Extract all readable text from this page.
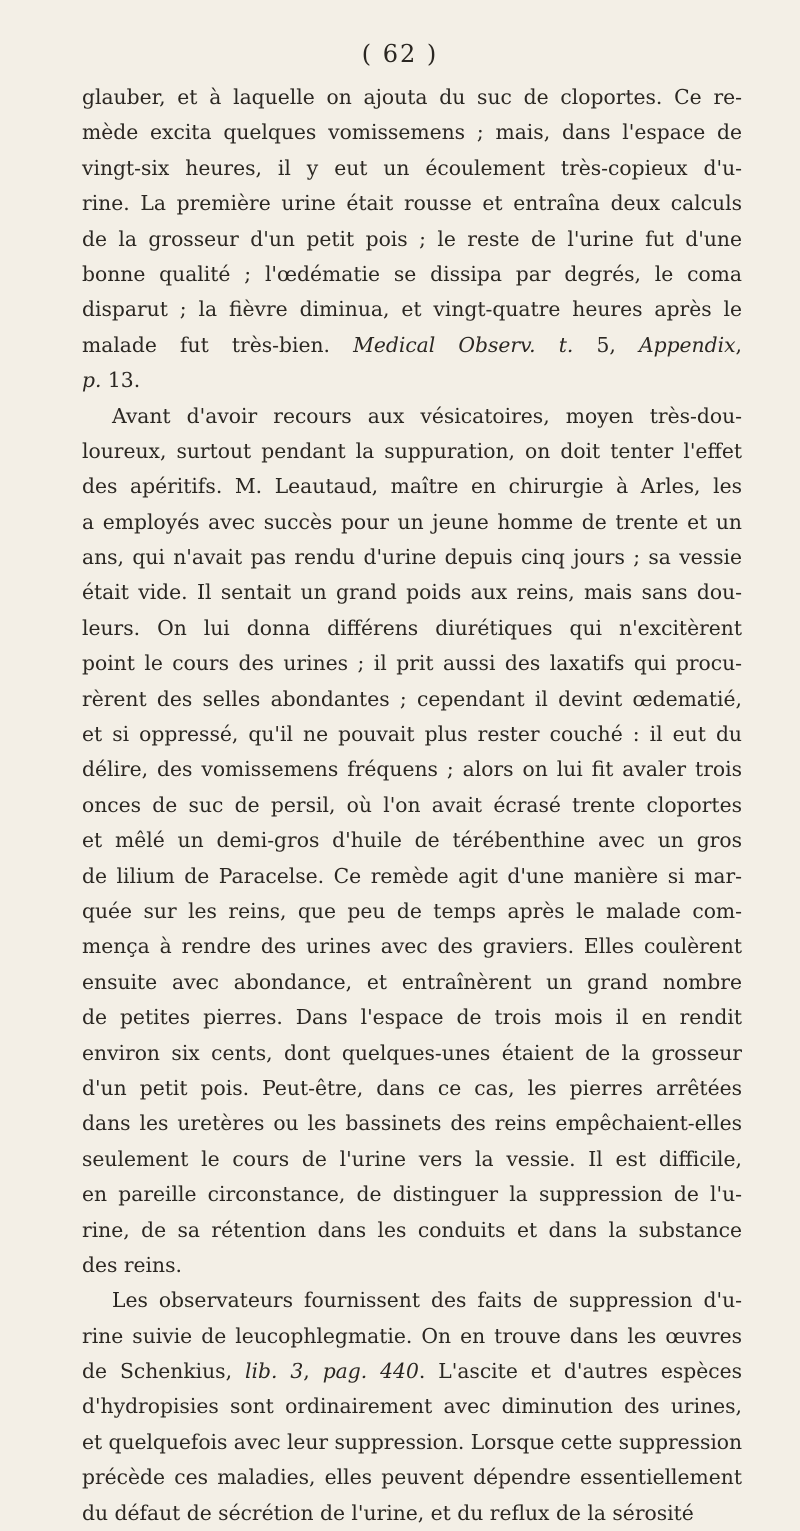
( 62 )
glauber, et à laquelle on ajouta du suc de cloportes. Ce re-
mède excita quelques vomissemens ; mais, dans l'espace de
vingt-six heures, il y eut un écoulement très-copieux d'u-
rine. La première urine était rousse et entraîna deux calculs
de la grosseur d'un petit pois ; le reste de l'urine fut d'une
bonne qualité ; l'œdématie se dissipa par degrés, le coma
disparut ; la fièvre diminua, et vingt-quatre heures après le
malade fut très-bien. Medical Observ. t. 5, Appendix,
p. 13.
Avant d'avoir recours aux vésicatoires, moyen très-dou-
loureux, surtout pendant la suppuration, on doit tenter l'effet
des apéritifs. M. Leautaud, maître en chirurgie à Arles, les
a employés avec succès pour un jeune homme de trente et un
ans, qui n'avait pas rendu d'urine depuis cinq jours ; sa vessie
était vide. Il sentait un grand poids aux reins, mais sans dou-
leurs. On lui donna différens diurétiques qui n'excitèrent
point le cours des urines ; il prit aussi des laxatifs qui procu-
rèrent des selles abondantes ; cependant il devint œdematié,
et si oppressé, qu'il ne pouvait plus rester couché : il eut du
délire, des vomissemens fréquens ; alors on lui fit avaler trois
onces de suc de persil, où l'on avait écrasé trente cloportes
et mêlé un demi-gros d'huile de térébenthine avec un gros
de lilium de Paracelse. Ce remède agit d'une manière si mar-
quée sur les reins, que peu de temps après le malade com-
mença à rendre des urines avec des graviers. Elles coulèrent
ensuite avec abondance, et entraînèrent un grand nombre
de petites pierres. Dans l'espace de trois mois il en rendit
environ six cents, dont quelques-unes étaient de la grosseur
d'un petit pois. Peut-être, dans ce cas, les pierres arrêtées
dans les uretères ou les bassinets des reins empêchaient-elles
seulement le cours de l'urine vers la vessie. Il est difficile,
en pareille circonstance, de distinguer la suppression de l'u-
rine, de sa rétention dans les conduits et dans la substance
des reins.
Les observateurs fournissent des faits de suppression d'u-
rine suivie de leucophlegmatie. On en trouve dans les œuvres
de Schenkius, lib. 3, pag. 440. L'ascite et d'autres espèces
d'hydropisies sont ordinairement avec diminution des urines,
et quelquefois avec leur suppression. Lorsque cette suppression
précède ces maladies, elles peuvent dépendre essentiellement
du défaut de sécrétion de l'urine, et du reflux de la sérosité
